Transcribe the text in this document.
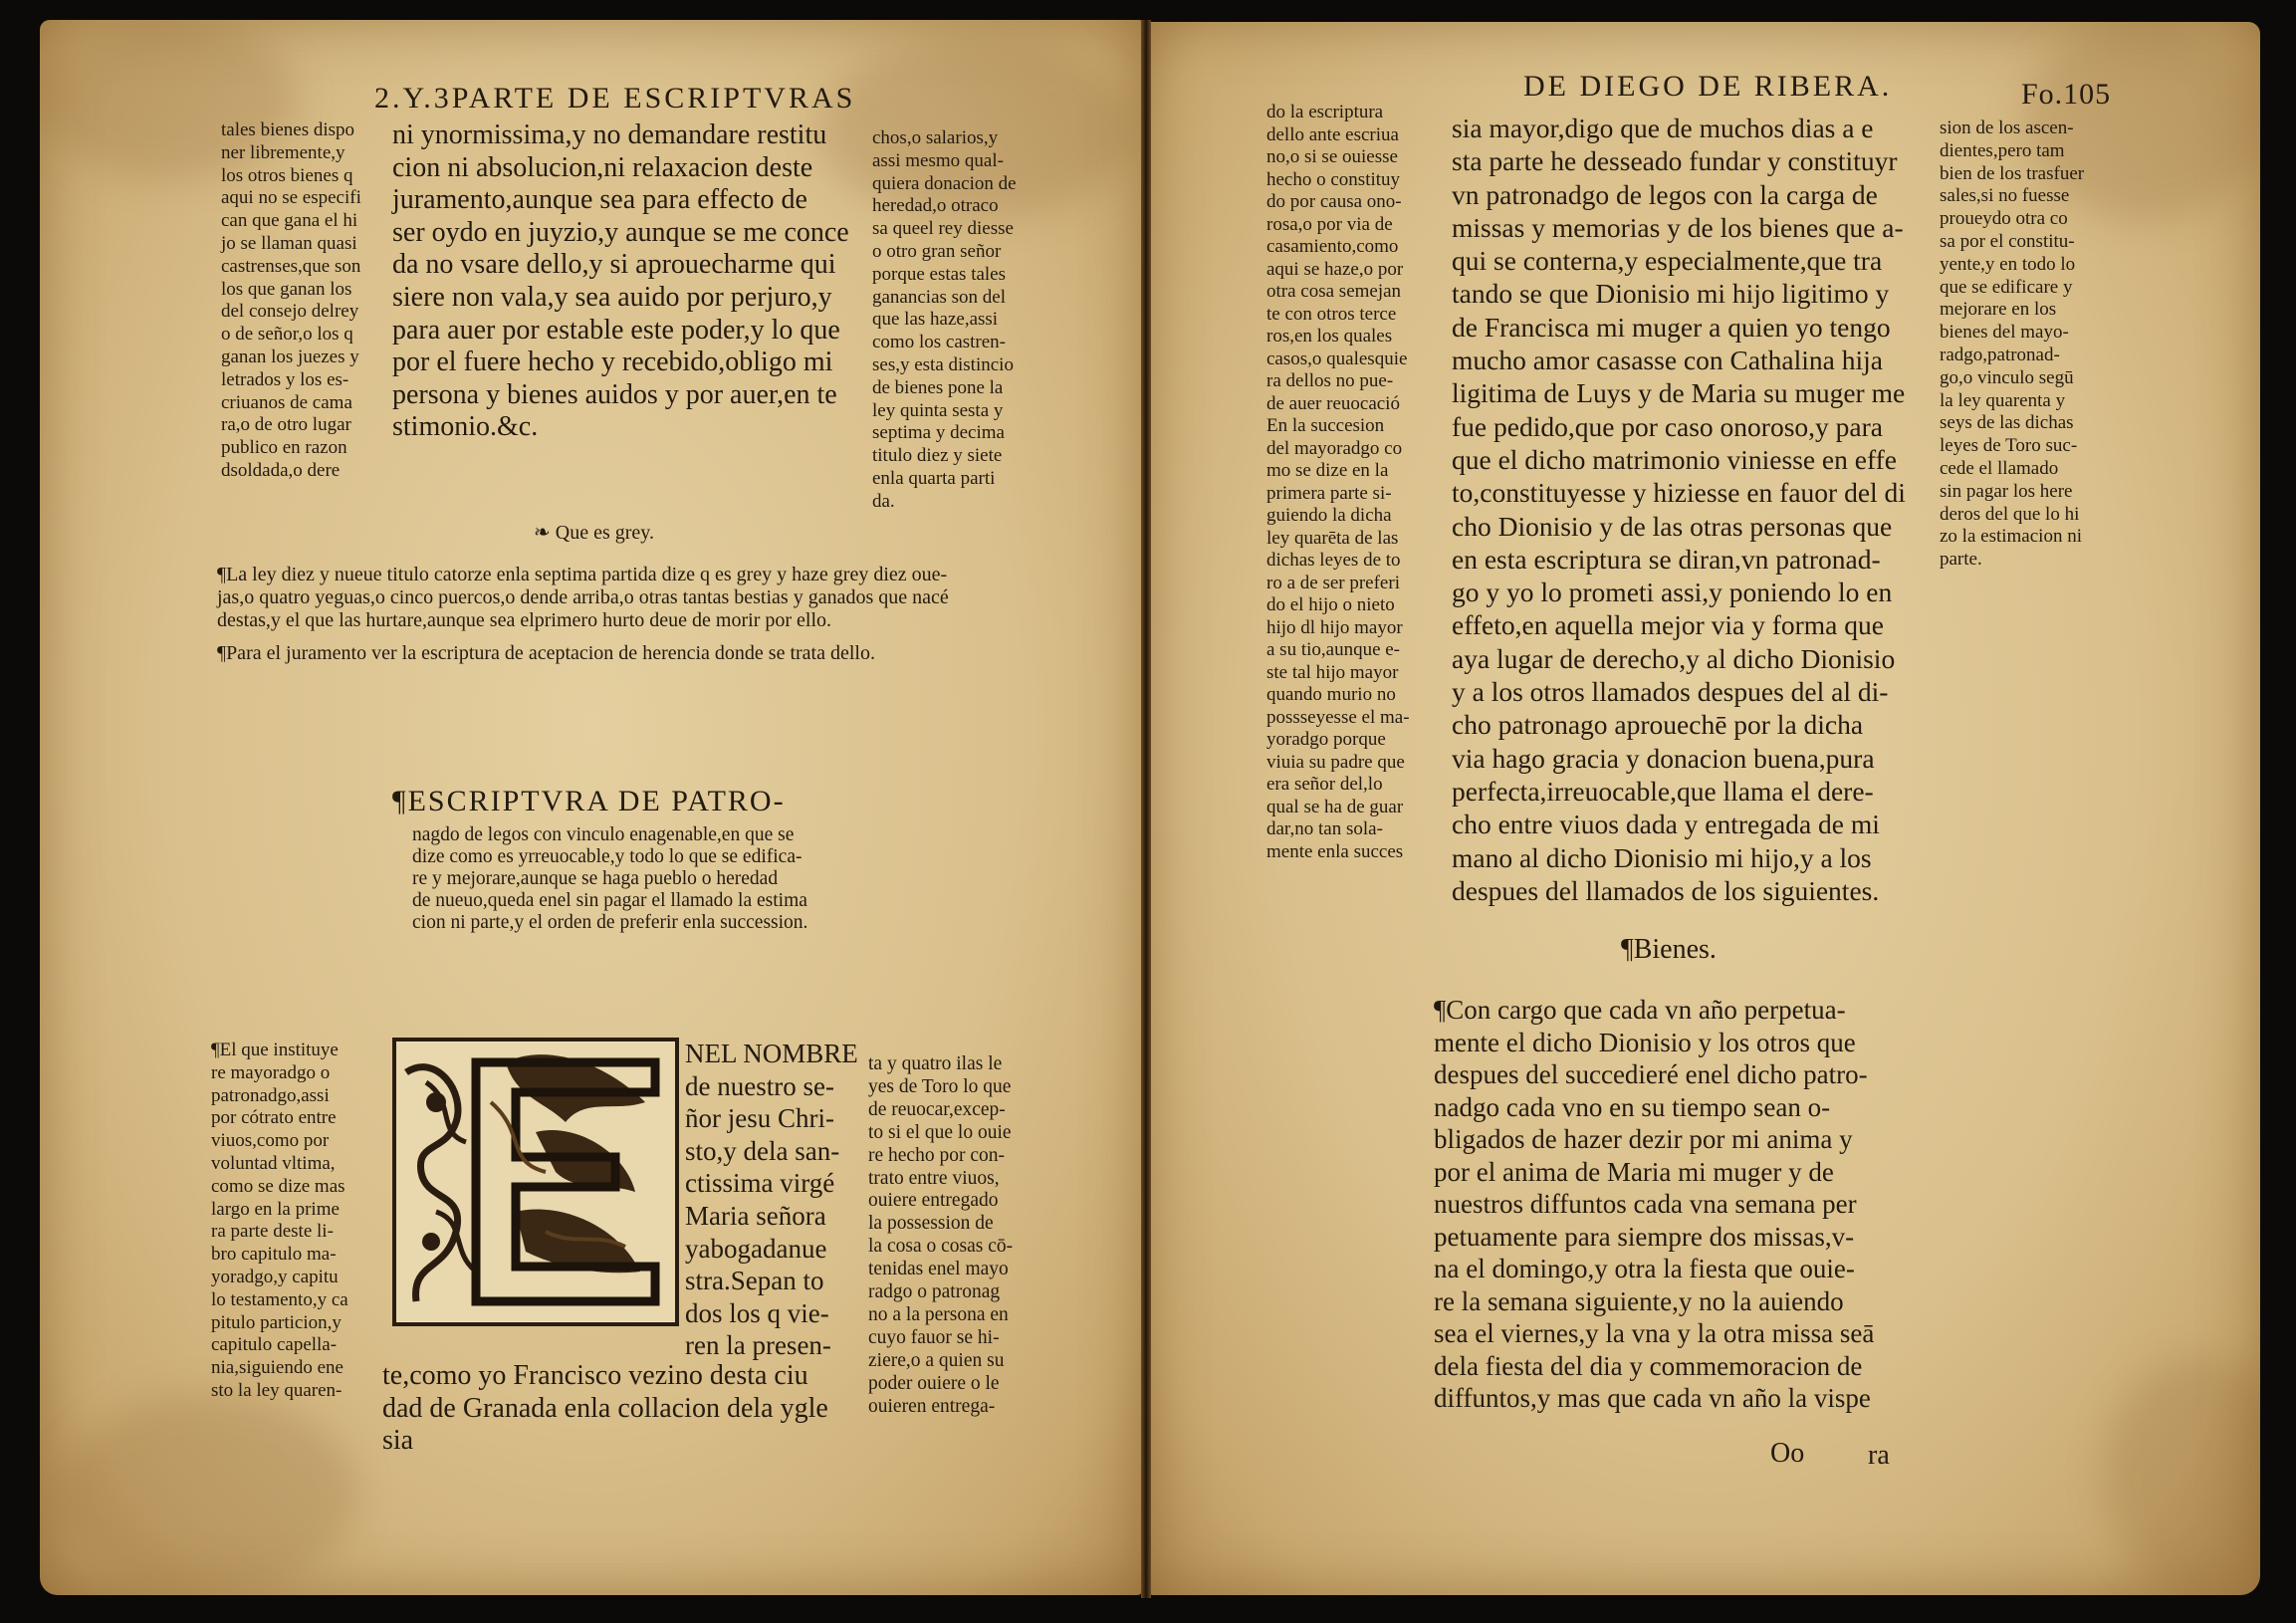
2.Y.3PARTE DE ESCRIPTVRAS

tales bienes dispo
ner libremente,y
los otros bienes q
aqui no se especifi
can que gana el hi
jo se llaman quasi
castrenses,que son
los que ganan los
del consejo delrey
o de señor,o los q
ganan los juezes y
letrados y los es-
criuanos de cama
ra,o de otro lugar
publico en razon
dsoldada,o dere

ni ynormissima,y no demandare restitu
cion ni absolucion,ni relaxacion deste
juramento,aunque sea para effecto de
ser oydo en juyzio,y aunque se me conce
da no vsare dello,y si aprouecharme qui
siere non vala,y sea auido por perjuro,y
para auer por estable este poder,y lo que
por el fuere hecho y recebido,obligo mi
persona y bienes auidos y por auer,en te
stimonio.&c.

chos,o salarios,y
assi mesmo qual-
quiera donacion de
heredad,o otraco
sa queel rey diesse
o otro gran señor
porque estas tales
ganancias son del
que las haze,assi
como los castren-
ses,y esta distincio
de bienes pone la
ley quinta sesta y
septima y decima
titulo diez y siete
enla quarta parti
da.

❧ Que es grey.

¶La ley diez y nueue titulo catorze enla septima partida dize q es grey y haze grey diez oue-
jas,o quatro yeguas,o cinco puercos,o dende arriba,o otras tantas bestias y ganados que nacé
destas,y el que las hurtare,aunque sea elprimero hurto deue de morir por ello.

¶Para el juramento ver la escriptura de aceptacion de herencia donde se trata dello.

¶ESCRIPTVRA DE PATRO-

nagdo de legos con vinculo enagenable,en que se
dize como es yrreuocable,y todo lo que se edifica-
re y mejorare,aunque se haga pueblo o heredad
de nueuo,queda enel sin pagar el llamado la estima
cion ni parte,y el orden de preferir enla succession.

¶El que instituye
re mayoradgo o
patronadgo,assi
por cótrato entre
viuos,como por
voluntad vltima,
como se dize mas
largo en la prime
ra parte deste li-
bro capitulo ma-
yoradgo,y capitu
lo testamento,y ca
pitulo particion,y
capitulo capella-
nia,siguiendo ene
sto la ley quaren-

E	NEL NOMBRE
de nuestro se-
ñor jesu Chri-
sto,y dela san-
ctissima virgé
Maria señora
yabogadanue
stra.Sepan to
dos los q vie-
ren la presen-

te,como yo Francisco vezino desta ciu
dad de Granada enla collacion dela ygle
sia

ta y quatro ilas le
yes de Toro lo que
de reuocar,excep-
to si el que lo ouie
re hecho por con-
trato entre viuos,
ouiere entregado
la possession de
la cosa o cosas cō-
tenidas enel mayo
radgo o patronag
no a la persona en
cuyo fauor se hi-
ziere,o a quien su
poder ouiere o le
ouieren entrega-

DE DIEGO DE RIBERA.	Fo.105

do la escriptura
dello ante escriua
no,o si se ouiesse
hecho o constituy
do por causa ono-
rosa,o por via de
casamiento,como
aqui se haze,o por
otra cosa semejan
te con otros terce
ros,en los quales
casos,o qualesquie
ra dellos no pue-
de auer reuocació
En la succesion
del mayoradgo co
mo se dize en la
primera parte si-
guiendo la dicha
ley quarēta de las
dichas leyes de to
ro a de ser preferi
do el hijo o nieto
hijo dl hijo mayor
a su tio,aunque e-
ste tal hijo mayor
quando murio no
possseyesse el ma-
yoradgo porque
viuia su padre que
era señor del,lo
qual se ha de guar
dar,no tan sola-
mente enla succes

sia mayor,digo que de muchos dias a e
sta parte he desseado fundar y constituyr
vn patronadgo de legos con la carga de
missas y memorias y de los bienes que a-
qui se conterna,y especialmente,que tra
tando se que Dionisio mi hijo ligitimo y
de Francisca mi muger a quien yo tengo
mucho amor casasse con Cathalina hija
ligitima de Luys y de Maria su muger me
fue pedido,que por caso onoroso,y para
que el dicho matrimonio viniesse en effe
to,constituyesse y hiziesse en fauor del di
cho Dionisio y de las otras personas que
en esta escriptura se diran,vn patronad-
go y yo lo prometi assi,y poniendo lo en
effeto,en aquella mejor via y forma que
aya lugar de derecho,y al dicho Dionisio
y a los otros llamados despues del al di-
cho patronago aprouechē por la dicha
via hago gracia y donacion buena,pura
perfecta,irreuocable,que llama el dere-
cho entre viuos dada y entregada de mi
mano al dicho Dionisio mi hijo,y a los
despues del llamados de los siguientes.

sion de los ascen-
dientes,pero tam
bien de los trasfuer
sales,si no fuesse
proueydo otra co
sa por el constitu-
yente,y en todo lo
que se edificare y
mejorare en los
bienes del mayo-
radgo,patronad-
go,o vinculo segū
la ley quarenta y
seys de las dichas
leyes de Toro suc-
cede el llamado
sin pagar los here
deros del que lo hi
zo la estimacion ni
parte.

¶Bienes.

¶Con cargo que cada vn año perpetua-
mente el dicho Dionisio y los otros que
despues del succedieré enel dicho patro-
nadgo cada vno en su tiempo sean o-
bligados de hazer dezir por mi anima y
por el anima de Maria mi muger y de
nuestros diffuntos cada vna semana per
petuamente para siempre dos missas,v-
na el domingo,y otra la fiesta que ouie-
re la semana siguiente,y no la auiendo
sea el viernes,y la vna y la otra missa seā
dela fiesta del dia y commemoracion de
diffuntos,y mas que cada vn año la vispe

Oo ra
